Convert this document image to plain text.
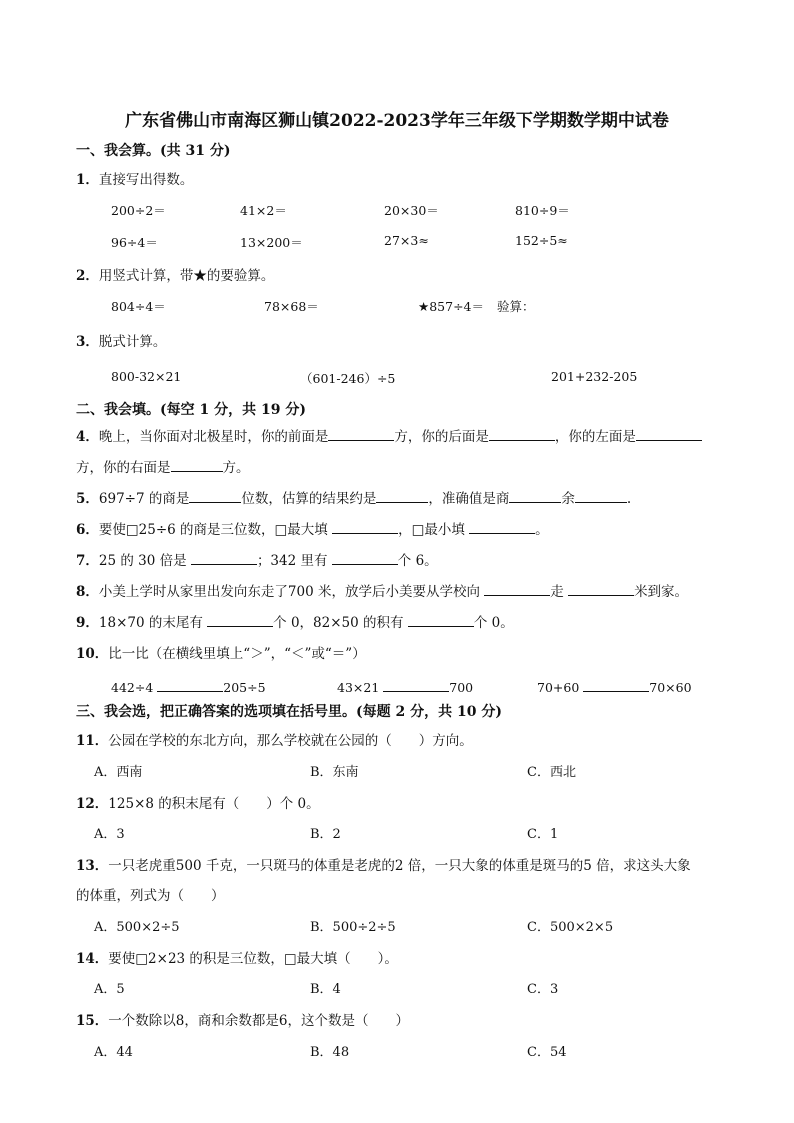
广东省佛山市南海区狮山镇2022-2023学年三年级下学期数学期中试卷
一、我会算。(共 31 分)
1．直接写出得数。
200÷2＝	41×2＝	20×30＝	810÷9＝
96÷4＝	13×200＝	27×3≈	152÷5≈
2．用竖式计算，带★的要验算。
804÷4＝	78×68＝	★857÷4＝ 验算：
3．脱式计算。
800-32×21	（601-246）÷5	201+232-205
二、我会填。(每空 1 分，共 19 分)
4．晚上，当你面对北极星时，你的前面是	方，你的后面是	，你的左面是
方，你的右面是	方。
5．697÷7 的商是	位数，估算的结果约是	，准确值是商	余	.
6．要使□25÷6 的商是三位数，□最大填	，□最小填	。
7．25 的 30 倍是	；342 里有	个 6。
8．小美上学时从家里出发向东走了700 米，放学后小美要从学校向	走	米到家。
9．18×70 的末尾有	个 0，82×50 的积有	个 0。
10．比一比（在横线里填上“＞”，“＜”或“＝”）
442÷4	205÷5	43×21	700	70+60	70×60
三、我会选，把正确答案的选项填在括号里。(每题 2 分，共 10 分)
11．公园在学校的东北方向，那么学校就在公园的（　　）方向。
A．西南	B．东南	C．西北
12．125×8 的积末尾有（　　）个 0。
A．3	B．2	C．1
13．一只老虎重500 千克，一只斑马的体重是老虎的2 倍，一只大象的体重是斑马的5 倍，求这头大象
的体重，列式为（　　）
A．500×2÷5	B．500÷2÷5	C．500×2×5
14．要使□2×23 的积是三位数，□最大填（　　）。
A．5	B．4	C．3
15．一个数除以8，商和余数都是6，这个数是（　　）
A．44	B．48	C．54
